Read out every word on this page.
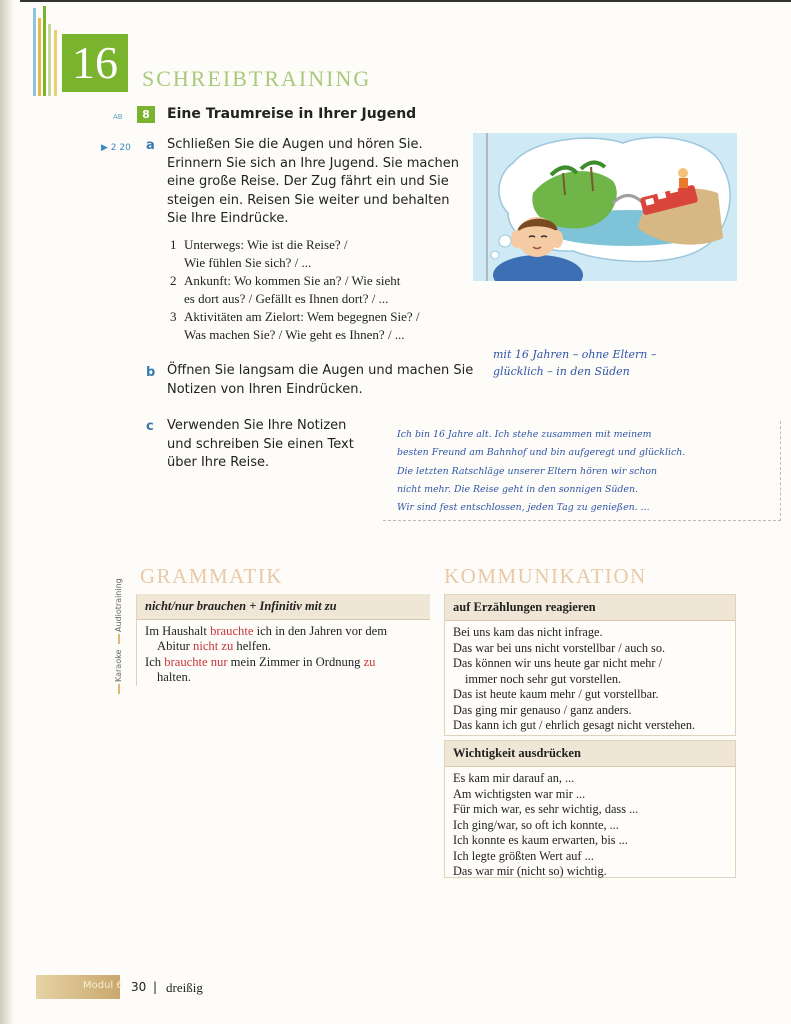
16	SCHREIBTRAINING
AB	8	Eine Traumreise in Ihrer Jugend
▶ 2 20 a Schließen Sie die Augen und hören Sie.
Erinnern Sie sich an Ihre Jugend. Sie machen
eine große Reise. Der Zug fährt ein und Sie
steigen ein. Reisen Sie weiter und behalten
Sie Ihre Eindrücke.
1 Unterwegs: Wie ist die Reise? /
Wie fühlen Sie sich? / ...
2 Ankunft: Wo kommen Sie an? / Wie sieht
es dort aus? / Gefällt es Ihnen dort? / ...
3 Aktivitäten am Zielort: Wem begegnen Sie? /
Was machen Sie? / Wie geht es Ihnen? / ...
mit 16 Jahren – ohne Eltern –
glücklich – in den Süden
b Öffnen Sie langsam die Augen und machen Sie
Notizen von Ihren Eindrücken.
c Verwenden Sie Ihre Notizen
und schreiben Sie einen Text
über Ihre Reise.
Ich bin 16 Jahre alt. Ich stehe zusammen mit meinem
besten Freund am Bahnhof und bin aufgeregt und glücklich.
Die letzten Ratschläge unserer Eltern hören wir schon
nicht mehr. Die Reise geht in den sonnigen Süden.
Wir sind fest entschlossen, jeden Tag zu genießen. ...
Audiotraining
Karaoke
GRAMMATIK
nicht/nur brauchen + Infinitiv mit zu
Im Haushalt brauchte ich in den Jahren vor dem
Abitur nicht zu helfen.
Ich brauchte nur mein Zimmer in Ordnung zu
halten.
KOMMUNIKATION
auf Erzählungen reagieren
Bei uns kam das nicht infrage.
Das war bei uns nicht vorstellbar / auch so.
Das können wir uns heute gar nicht mehr /
immer noch sehr gut vorstellen.
Das ist heute kaum mehr / gut vorstellbar.
Das ging mir genauso / ganz anders.
Das kann ich gut / ehrlich gesagt nicht verstehen.
Wichtigkeit ausdrücken
Es kam mir darauf an, ...
Am wichtigsten war mir ...
Für mich war, es sehr wichtig, dass ...
Ich ging/war, so oft ich konnte, ...
Ich konnte es kaum erwarten, bis ...
Ich legte größten Wert auf ...
Das war mir (nicht so) wichtig.
Modul 6 30 | dreißig
